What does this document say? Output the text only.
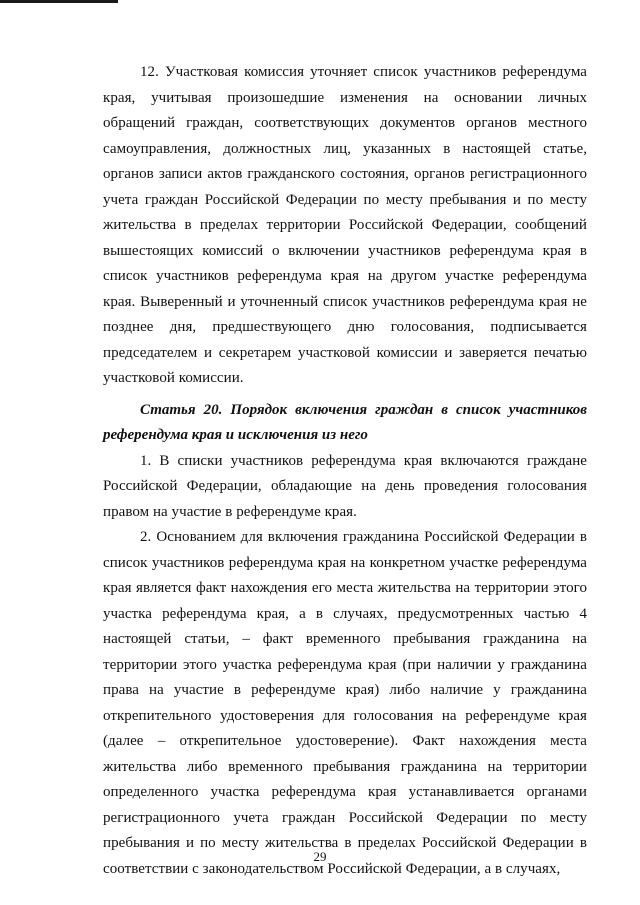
12. Участковая комиссия уточняет список участников референдума края, учитывая произошедшие изменения на основании личных обращений граждан, соответствующих документов органов местного самоуправления, должностных лиц, указанных в настоящей статье, органов записи актов гражданского состояния, органов регистрационного учета граждан Российской Федерации по месту пребывания и по месту жительства в пределах территории Российской Федерации, сообщений вышестоящих комиссий о включении участников референдума края в список участников референдума края на другом участке референдума края. Выверенный и уточненный список участников референдума края не позднее дня, предшествующего дню голосования, подписывается председателем и секретарем участковой комиссии и заверяется печатью участковой комиссии.

Статья 20. Порядок включения граждан в список участников референдума края и исключения из него

1. В списки участников референдума края включаются граждане Российской Федерации, обладающие на день проведения голосования правом на участие в референдуме края.

2. Основанием для включения гражданина Российской Федерации в список участников референдума края на конкретном участке референдума края является факт нахождения его места жительства на территории этого участка референдума края, а в случаях, предусмотренных частью 4 настоящей статьи, – факт временного пребывания гражданина на территории этого участка референдума края (при наличии у гражданина права на участие в референдуме края) либо наличие у гражданина открепительного удостоверения для голосования на референдуме края (далее – открепительное удостоверение). Факт нахождения места жительства либо временного пребывания гражданина на территории определенного участка референдума края устанавливается органами регистрационного учета граждан Российской Федерации по месту пребывания и по месту жительства в пределах Российской Федерации в соответствии с законодательством Российской Федерации, а в случаях,

29
